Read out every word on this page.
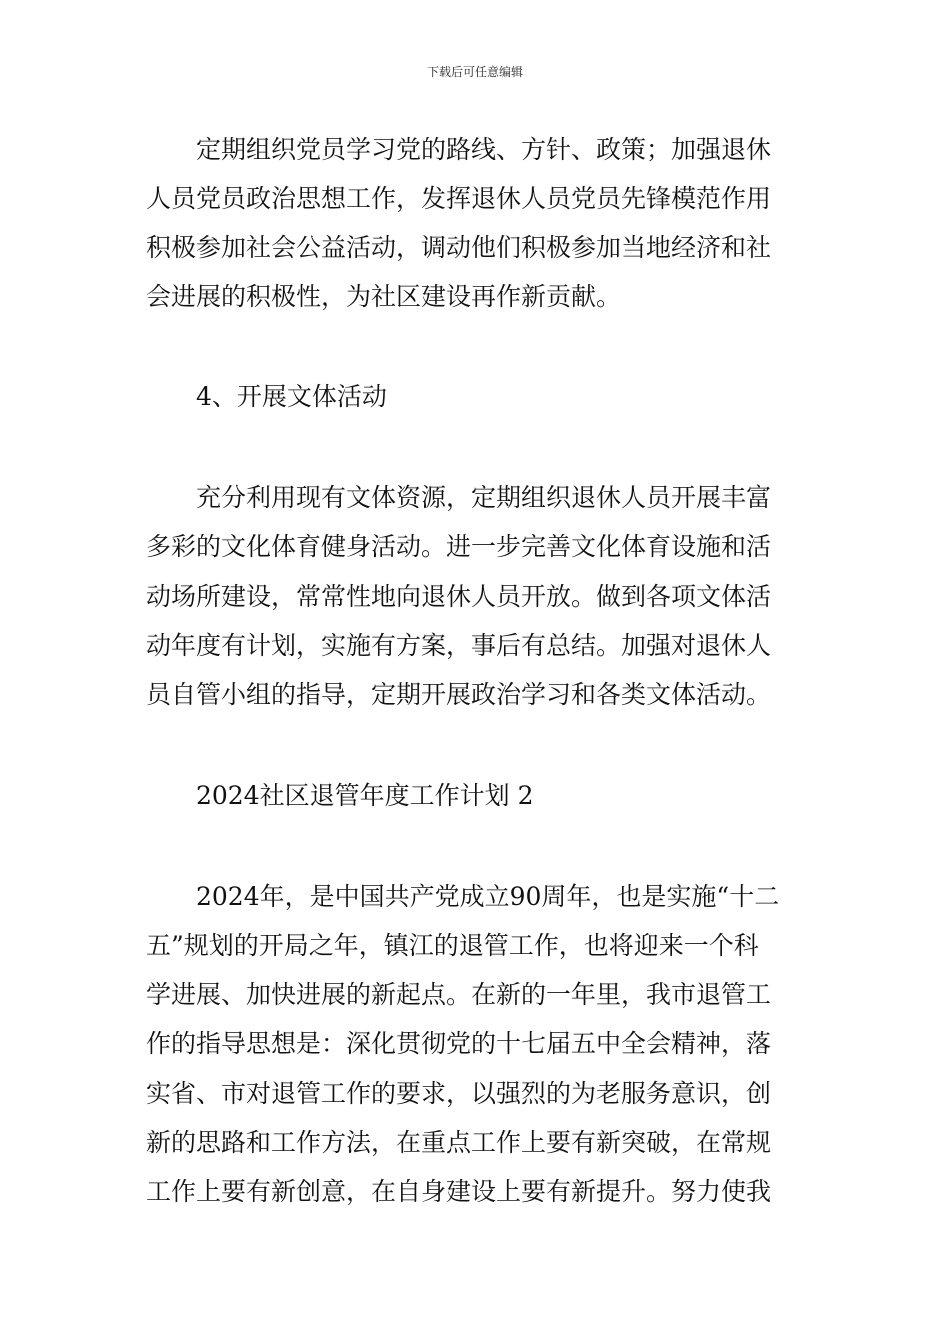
下载后可任意编辑
　　定期组织党员学习党的路线、方针、政策；加强退休
人员党员政治思想工作，发挥退休人员党员先锋模范作用
积极参加社会公益活动，调动他们积极参加当地经济和社
会进展的积极性，为社区建设再作新贡献。
　　4、开展文体活动
　　充分利用现有文体资源，定期组织退休人员开展丰富
多彩的文化体育健身活动。进一步完善文化体育设施和活
动场所建设，常常性地向退休人员开放。做到各项文体活
动年度有计划，实施有方案，事后有总结。加强对退休人
员自管小组的指导，定期开展政治学习和各类文体活动。
　　2024社区退管年度工作计划 2
　　2024年，是中国共产党成立90周年，也是实施“十二
五”规划的开局之年，镇江的退管工作，也将迎来一个科
学进展、加快进展的新起点。在新的一年里，我市退管工
作的指导思想是：深化贯彻党的十七届五中全会精神，落
实省、市对退管工作的要求，以强烈的为老服务意识，创
新的思路和工作方法，在重点工作上要有新突破，在常规
工作上要有新创意，在自身建设上要有新提升。努力使我
